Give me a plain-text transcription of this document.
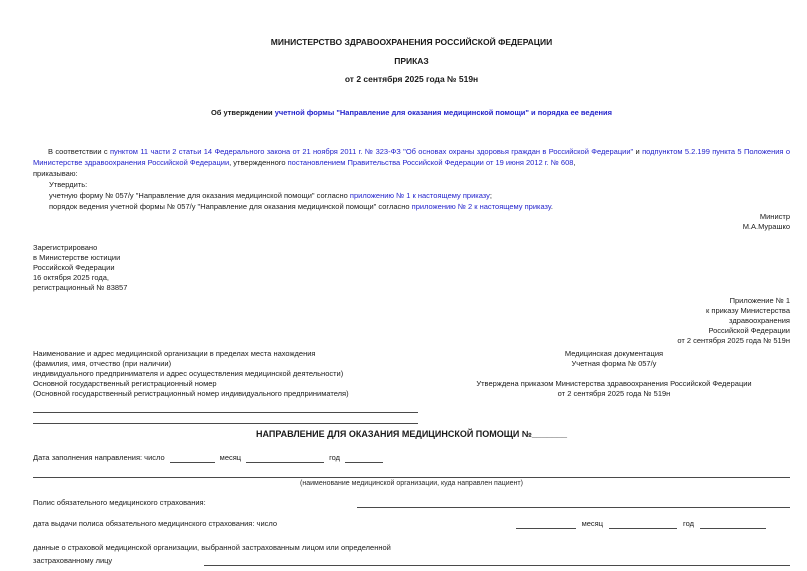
МИНИСТЕРСТВО ЗДРАВООХРАНЕНИЯ РОССИЙСКОЙ ФЕДЕРАЦИИ
ПРИКАЗ
от 2 сентября 2025 года № 519н
Об утверждении учетной формы "Направление для оказания медицинской помощи" и порядка ее ведения
В соответствии с пунктом 11 части 2 статьи 14 Федерального закона от 21 ноября 2011 г. № 323-ФЗ "Об основах охраны здоровья граждан в Российской Федерации" и подпунктом 5.2.199 пункта 5 Положения о Министерстве здравоохранения Российской Федерации, утвержденного постановлением Правительства Российской Федерации от 19 июня 2012 г. № 608,
приказываю:
Утвердить:
учетную форму № 057/у "Направление для оказания медицинской помощи" согласно приложению № 1 к настоящему приказу;
порядок ведения учетной формы № 057/у "Направление для оказания медицинской помощи" согласно приложению № 2 к настоящему приказу.
Министр
М.А.Мурашко
Зарегистрировано
в Министерстве юстиции
Российской Федерации
16 октября 2025 года,
регистрационный № 83857
Приложение № 1
к приказу Министерства
здравоохранения
Российской Федерации
от 2 сентября 2025 года № 519н
Наименование и адрес медицинской организации в пределах места нахождения
(фамилия, имя, отчество (при наличии)
индивидуального предпринимателя и адрес осуществления медицинской деятельности)
Основной государственный регистрационный номер
(Основной государственный регистрационный номер индивидуального предпринимателя)
Медицинская документация
Учетная форма № 057/у
Утверждена приказом Министерства здравоохранения Российской Федерации
от 2 сентября 2025 года № 519н
НАПРАВЛЕНИЕ ДЛЯ ОКАЗАНИЯ МЕДИЦИНСКОЙ ПОМОЩИ №_______
Дата заполнения направления: число	месяц	год
(наименование медицинской организации, куда направлен пациент)
Полис обязательного медицинского страхования:
дата выдачи полиса обязательного медицинского страхования: число	месяц	год
данные о страховой медицинской организации, выбранной застрахованным лицом или определенной
застрахованному лицу
